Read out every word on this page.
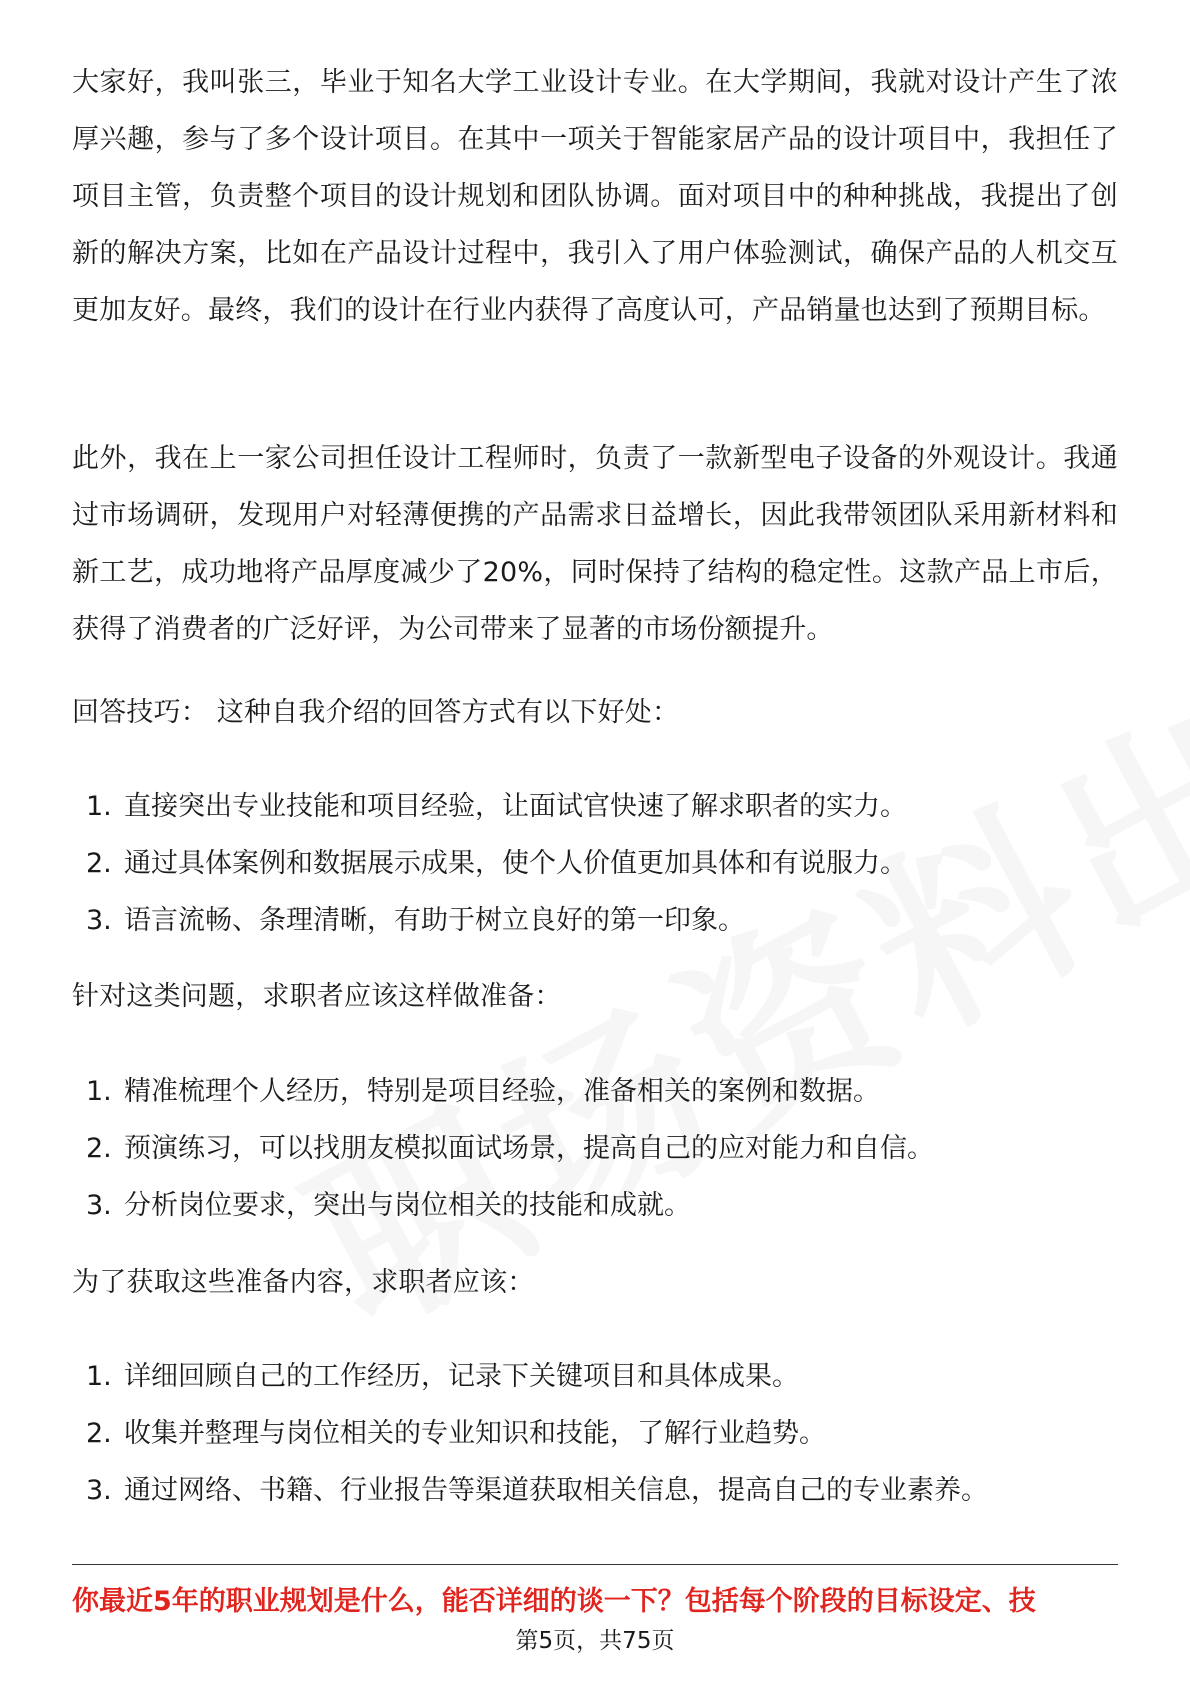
大家好，我叫张三，毕业于知名大学工业设计专业。在大学期间，我就对设计产生了浓厚兴趣，参与了多个设计项目。在其中一项关于智能家居产品的设计项目中，我担任了项目主管，负责整个项目的设计规划和团队协调。面对项目中的种种挑战，我提出了创新的解决方案，比如在产品设计过程中，我引入了用户体验测试，确保产品的人机交互更加友好。最终，我们的设计在行业内获得了高度认可，产品销量也达到了预期目标。

此外，我在上一家公司担任设计工程师时，负责了一款新型电子设备的外观设计。我通过市场调研，发现用户对轻薄便携的产品需求日益增长，因此我带领团队采用新材料和新工艺，成功地将产品厚度减少了20%，同时保持了结构的稳定性。这款产品上市后，获得了消费者的广泛好评，为公司带来了显著的市场份额提升。

回答技巧： 这种自我介绍的回答方式有以下好处：

1. 直接突出专业技能和项目经验，让面试官快速了解求职者的实力。
2. 通过具体案例和数据展示成果，使个人价值更加具体和有说服力。
3. 语言流畅、条理清晰，有助于树立良好的第一印象。

针对这类问题，求职者应该这样做准备：

1. 精准梳理个人经历，特别是项目经验，准备相关的案例和数据。
2. 预演练习，可以找朋友模拟面试场景，提高自己的应对能力和自信。
3. 分析岗位要求，突出与岗位相关的技能和成就。

为了获取这些准备内容，求职者应该：

1. 详细回顾自己的工作经历，记录下关键项目和具体成果。
2. 收集并整理与岗位相关的专业知识和技能，了解行业趋势。
3. 通过网络、书籍、行业报告等渠道获取相关信息，提高自己的专业素养。
你最近5年的职业规划是什么，能否详细的谈一下？包括每个阶段的目标设定、技
第5页，共75页
